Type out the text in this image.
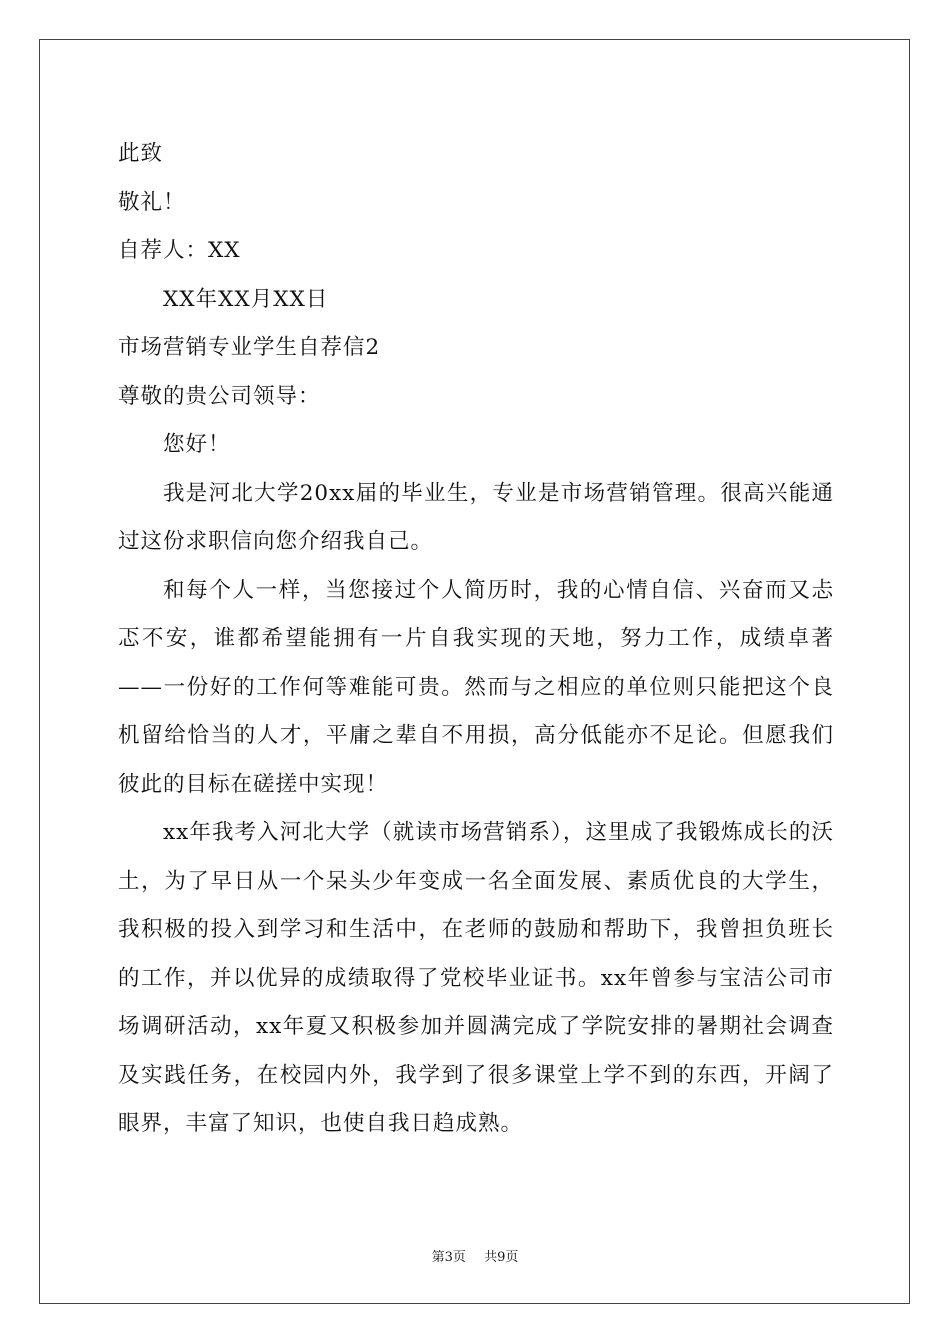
此致

敬礼！

自荐人：XX

XX年XX月XX日

市场营销专业学生自荐信2

尊敬的贵公司领导：

您好！

我是河北大学20xx届的毕业生，专业是市场营销管理。很高兴能通过这份求职信向您介绍我自己。

和每个人一样，当您接过个人简历时，我的心情自信、兴奋而又忐忑不安，谁都希望能拥有一片自我实现的天地，努力工作，成绩卓著——一份好的工作何等难能可贵。然而与之相应的单位则只能把这个良机留给恰当的人才，平庸之辈自不用损，高分低能亦不足论。但愿我们彼此的目标在磋搓中实现！

xx年我考入河北大学（就读市场营销系），这里成了我锻炼成长的沃土，为了早日从一个呆头少年变成一名全面发展、素质优良的大学生，我积极的投入到学习和生活中，在老师的鼓励和帮助下，我曾担负班长的工作，并以优异的成绩取得了党校毕业证书。xx年曾参与宝洁公司市场调研活动，xx年夏又积极参加并圆满完成了学院安排的暑期社会调查及实践任务，在校园内外，我学到了很多课堂上学不到的东西，开阔了眼界，丰富了知识，也使自我日趋成熟。

第3页 共9页
